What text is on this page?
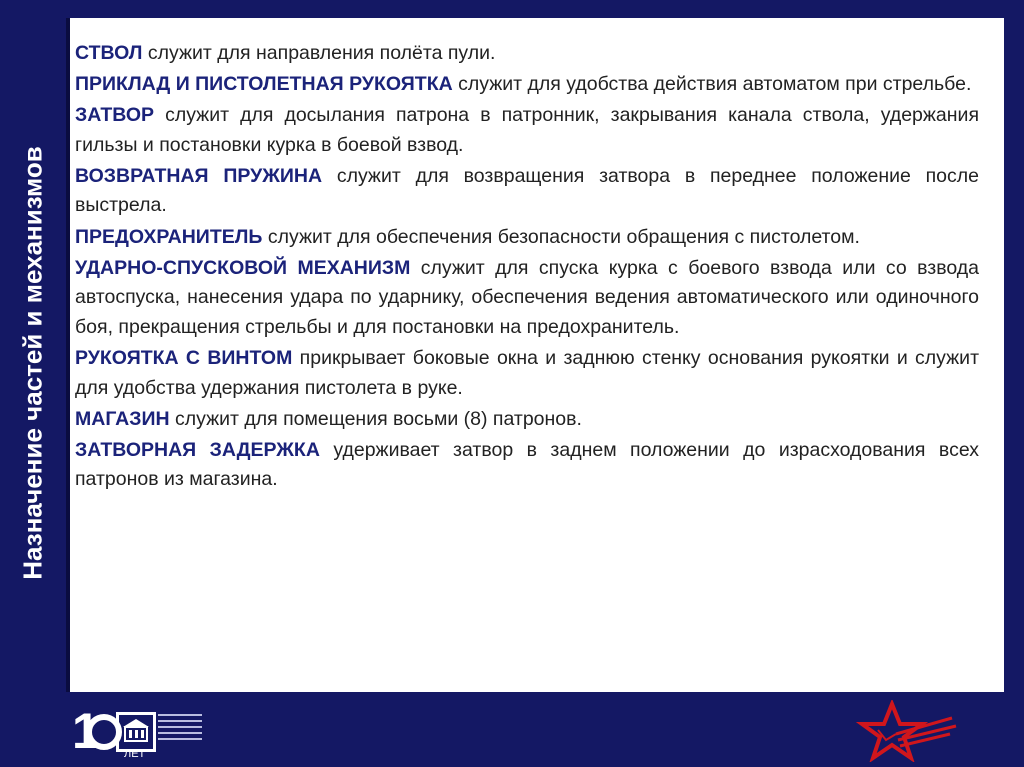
Назначение частей и механизмов

СТВОЛ служит для направления полёта пули.

ПРИКЛАД И ПИСТОЛЕТНАЯ РУКОЯТКА служит для удобства действия автоматом при стрельбе.

ЗАТВОР служит для досылания патрона в патронник, закрывания канала ствола, удержания гильзы и постановки курка в боевой взвод.

ВОЗВРАТНАЯ ПРУЖИНА служит для возвращения затвора в переднее положение после выстрела.

ПРЕДОХРАНИТЕЛЬ служит для обеспечения безопасности обращения с пистолетом.

УДАРНО-СПУСКОВОЙ МЕХАНИЗМ служит для спуска курка с боевого взвода или со взвода автоспуска, нанесения удара по ударнику, обеспечения ведения автоматического или одиночного боя, прекращения стрельбы и для постановки на предохранитель.

РУКОЯТКА С ВИНТОМ прикрывает боковые окна и заднюю стенку основания рукоятки и служит для удобства удержания пистолета в руке.

МАГАЗИН служит для помещения восьми (8) патронов.

ЗАТВОРНАЯ ЗАДЕРЖКА удерживает затвор в заднем положении до израсходования всех патронов из магазина.

1	ЛЕТ
